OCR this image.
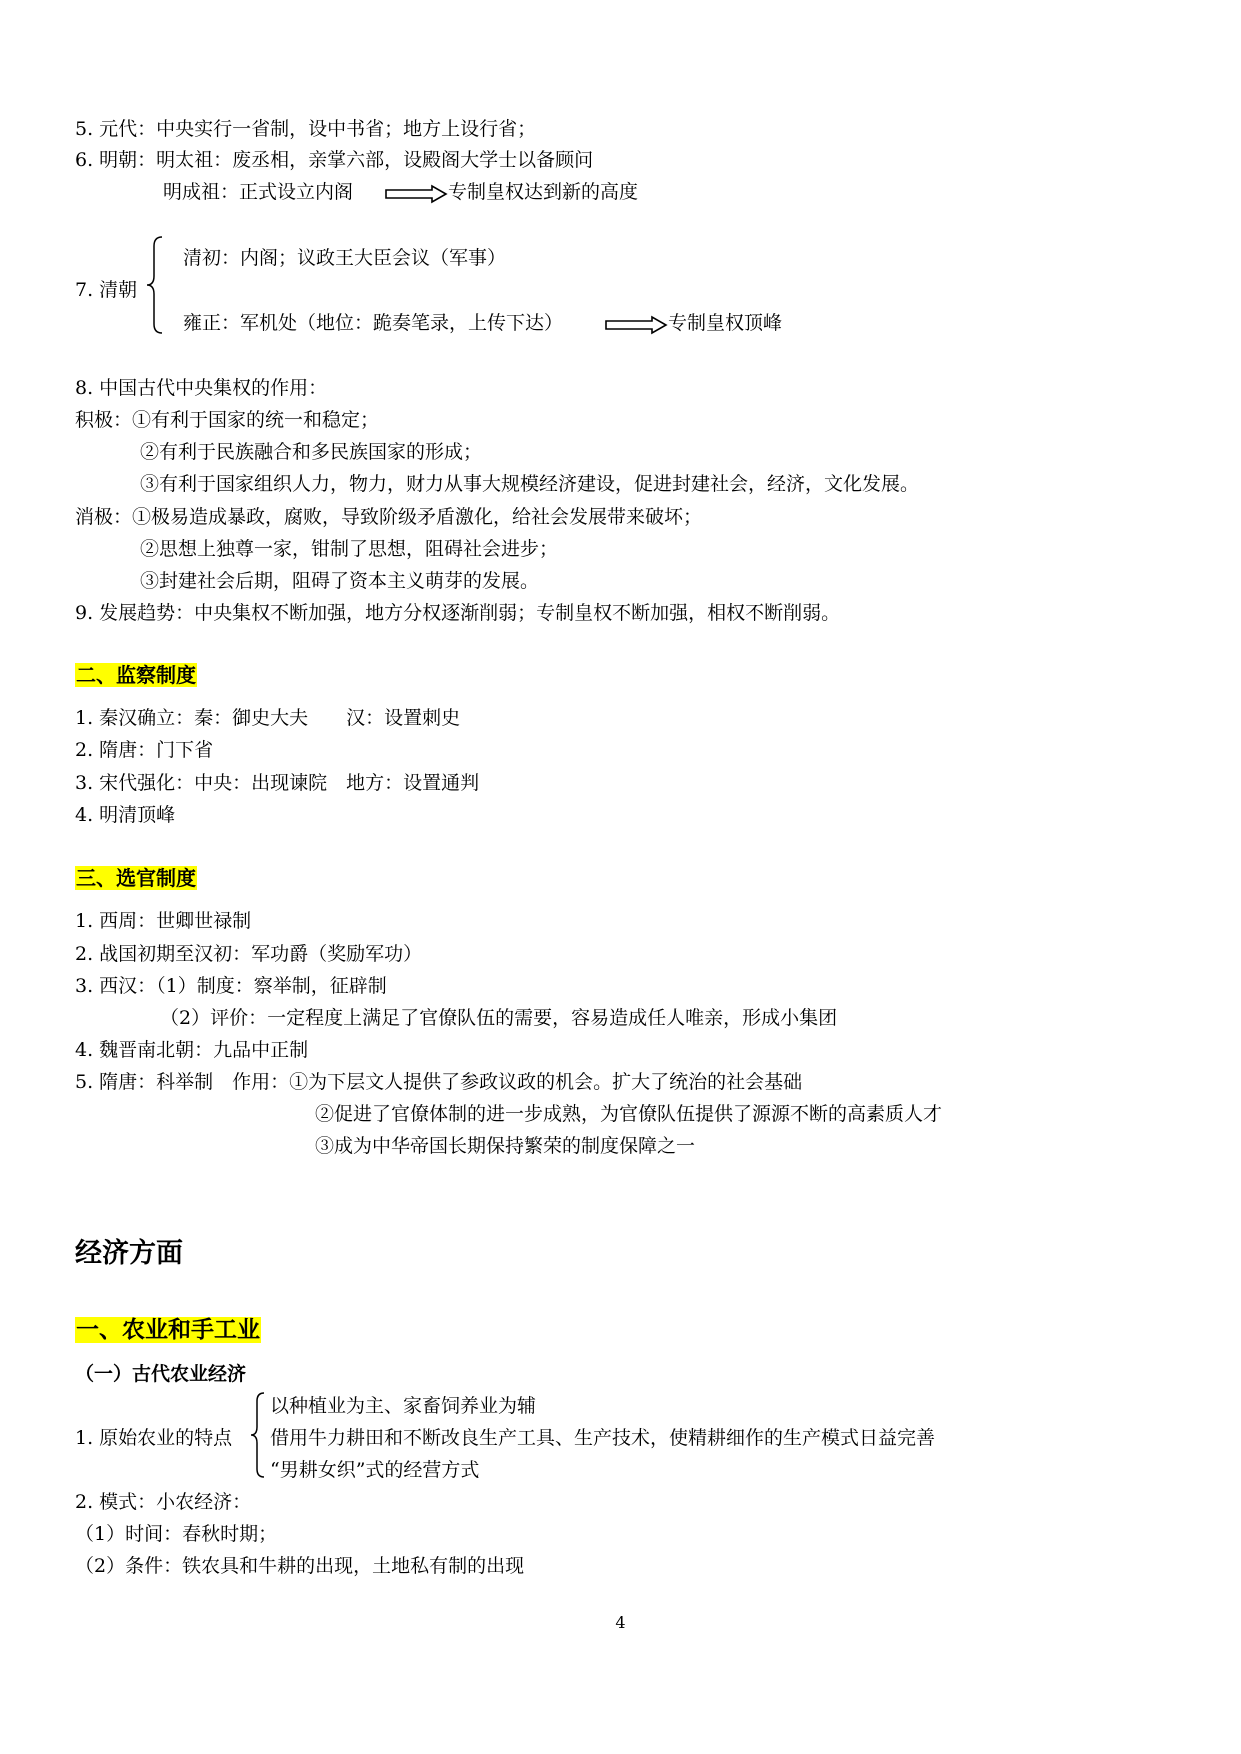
5. 元代：中央实行一省制，设中书省；地方上设行省；
6. 明朝：明太祖：废丞相，亲掌六部，设殿阁大学士以备顾问
明成祖：正式设立内阁	专制皇权达到新的高度
7. 清朝
清初：内阁；议政王大臣会议（军事）
雍正：军机处（地位：跪奏笔录，上传下达）	专制皇权顶峰
8. 中国古代中央集权的作用：
积极：①有利于国家的统一和稳定；
②有利于民族融合和多民族国家的形成；
③有利于国家组织人力，物力，财力从事大规模经济建设，促进封建社会，经济，文化发展。
消极：①极易造成暴政，腐败，导致阶级矛盾激化，给社会发展带来破坏；
②思想上独尊一家，钳制了思想，阻碍社会进步；
③封建社会后期，阻碍了资本主义萌芽的发展。
9. 发展趋势：中央集权不断加强，地方分权逐渐削弱；专制皇权不断加强，相权不断削弱。
二、监察制度
1. 秦汉确立：秦：御史大夫　　汉：设置刺史
2. 隋唐：门下省
3. 宋代强化：中央：出现谏院　地方：设置通判
4. 明清顶峰
三、选官制度
1. 西周：世卿世禄制
2. 战国初期至汉初：军功爵（奖励军功）
3. 西汉：（1）制度：察举制，征辟制
（2）评价：一定程度上满足了官僚队伍的需要，容易造成任人唯亲，形成小集团
4. 魏晋南北朝：九品中正制
5. 隋唐：科举制　作用：①为下层文人提供了参政议政的机会。扩大了统治的社会基础
②促进了官僚体制的进一步成熟，为官僚队伍提供了源源不断的高素质人才
③成为中华帝国长期保持繁荣的制度保障之一
经济方面
一、农业和手工业
（一）古代农业经济
1. 原始农业的特点
以种植业为主、家畜饲养业为辅
借用牛力耕田和不断改良生产工具、生产技术，使精耕细作的生产模式日益完善
“男耕女织”式的经营方式
2. 模式：小农经济：
（1）时间：春秋时期；
（2）条件：铁农具和牛耕的出现，土地私有制的出现
4
